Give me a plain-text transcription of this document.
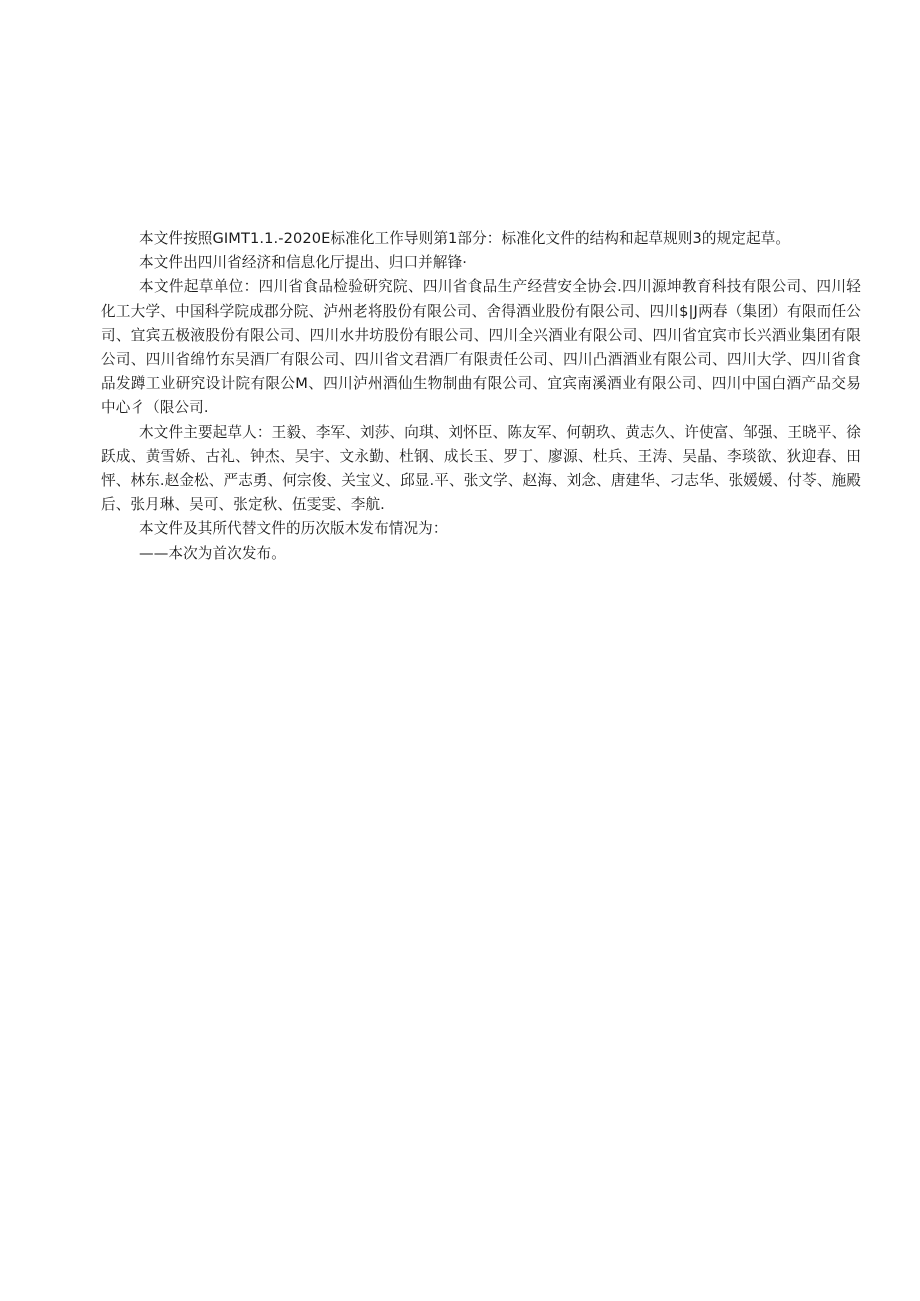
本文件按照GIMT1.1.-2020E标准化工作导则第1部分：标准化文件的结构和起草规则3的规定起草。

本文件出四川省经济和信息化厅提出、归口并解锋·

本文件起草单位：四川省食品检验研究院、四川省食品生产经营安全协会.四川源坤教育科技有限公司、四川轻化工大学、中国科学院成郡分院、泸州老将股份有限公司、舍得酒业股份有限公司、四川$|J两春（集团）有限而任公司、宜宾五极液股份有限公司、四川水井坊股份有眼公司、四川全兴酒业有限公司、四川省宜宾市长兴酒业集团有限公司、四川省绵竹东吴酒厂有限公司、四川省文君酒厂有限责任公司、四川凸酒酒业有限公司、四川大学、四川省食品发蹲工业研究设计院有限公M、四川泸州酒仙生物制曲有限公司、宜宾南溪酒业有限公司、四川中国白酒产品交易中心彳（限公司.

木文件主要起草人：王毅、李军、刘莎、向琪、刘怀臣、陈友军、何朝玖、黄志久、许使富、邹强、王晓平、徐跃成、黄雪娇、古礼、钟杰、吴宇、文永勤、杜钢、成长玉、罗丁、廖源、杜兵、王涛、吴晶、李琰欲、狄迎春、田怦、林东.赵金松、严志勇、何宗俊、关宝义、邱显.平、张文学、赵海、刘念、唐建华、刁志华、张媛媛、付苓、施殿后、张月琳、吴可、张定秋、伍雯雯、李航.

本文件及其所代替文件的历次版木发布情况为：

——本次为首次发布。
